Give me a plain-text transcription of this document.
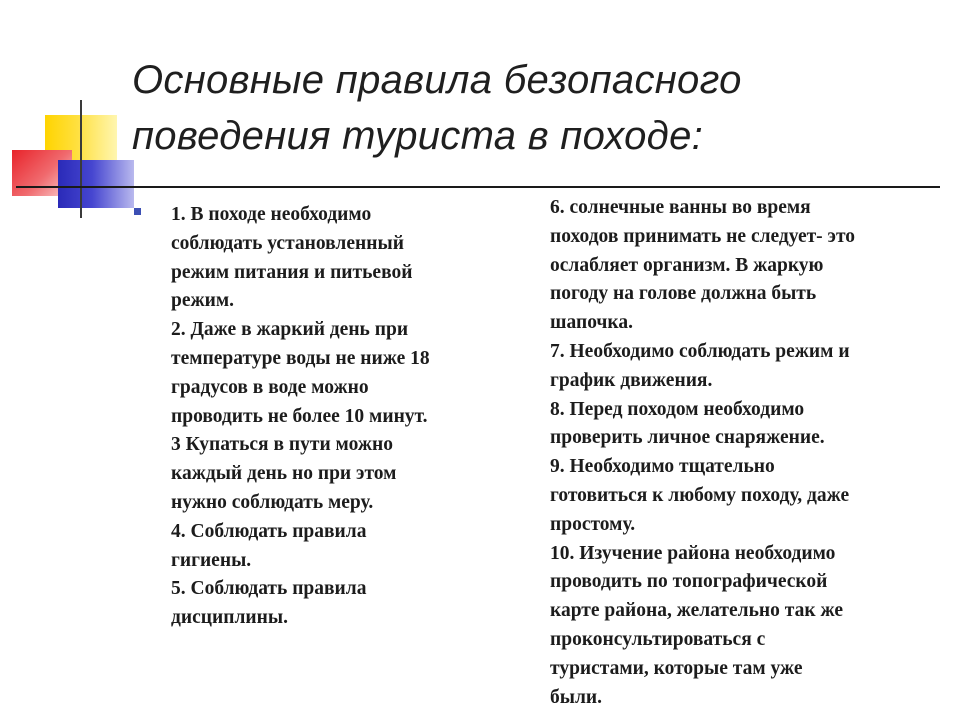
Основные правила безопасного
поведения туриста в походе:
1. В походе необходимо
соблюдать установленный
режим питания и питьевой
режим.
2. Даже в жаркий день при
температуре воды не ниже 18
градусов в воде можно
проводить не более 10 минут.
3 Купаться в пути можно
каждый день но при этом
нужно соблюдать меру.
4. Соблюдать правила
гигиены.
5. Соблюдать правила
дисциплины.
6. солнечные ванны во время
походов принимать не следует- это
ослабляет организм. В жаркую
погоду на голове должна быть
шапочка.
7. Необходимо соблюдать режим и
график движения.
8. Перед походом необходимо
проверить личное снаряжение.
9. Необходимо тщательно
готовиться к любому походу, даже
простому.
10. Изучение района необходимо
проводить по топографической
карте района, желательно так же
проконсультироваться с
туристами, которые там уже
были.
